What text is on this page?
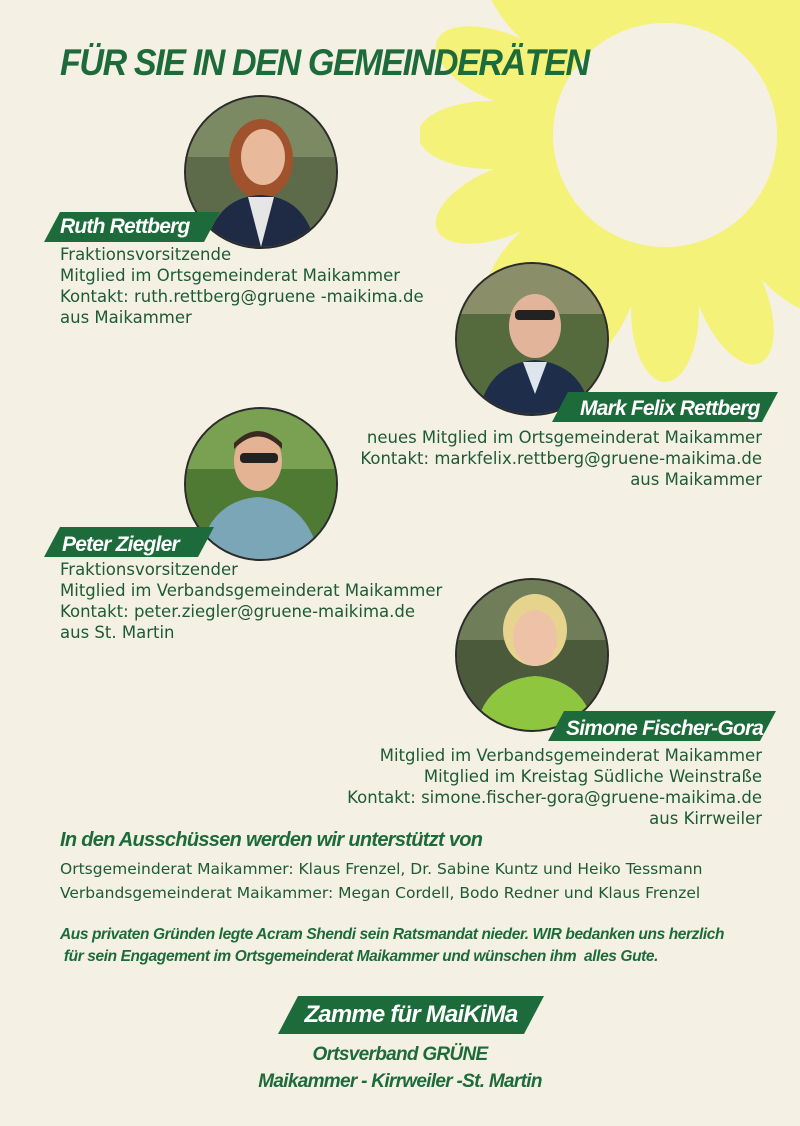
FÜR SIE IN DEN GEMEINDERÄTEN
Ruth Rettberg
Fraktionsvorsitzende
Mitglied im Ortsgemeinderat Maikammer
Kontakt: ruth.rettberg@gruene -maikima.de
aus Maikammer
Mark Felix Rettberg
neues Mitglied im Ortsgemeinderat Maikammer
Kontakt: markfelix.rettberg@gruene-maikima.de
aus Maikammer
Peter Ziegler
Fraktionsvorsitzender
Mitglied im Verbandsgemeinderat Maikammer
Kontakt: peter.ziegler@gruene-maikima.de
aus St. Martin
Simone Fischer-Gora
Mitglied im Verbandsgemeinderat Maikammer
Mitglied im Kreistag Südliche Weinstraße
Kontakt: simone.fischer-gora@gruene-maikima.de
aus Kirrweiler
In den Ausschüssen werden wir unterstützt von
Ortsgemeinderat Maikammer: Klaus Frenzel, Dr. Sabine Kuntz und Heiko Tessmann
Verbandsgemeinderat Maikammer: Megan Cordell, Bodo Redner und Klaus Frenzel
Aus privaten Gründen legte Acram Shendi sein Ratsmandat nieder. WIR bedanken uns herzlich
für sein Engagement im Ortsgemeinderat Maikammer und wünschen ihm  alles Gute.
Zamme für MaiKiMa
Ortsverband GRÜNE
Maikammer - Kirrweiler -St. Martin
